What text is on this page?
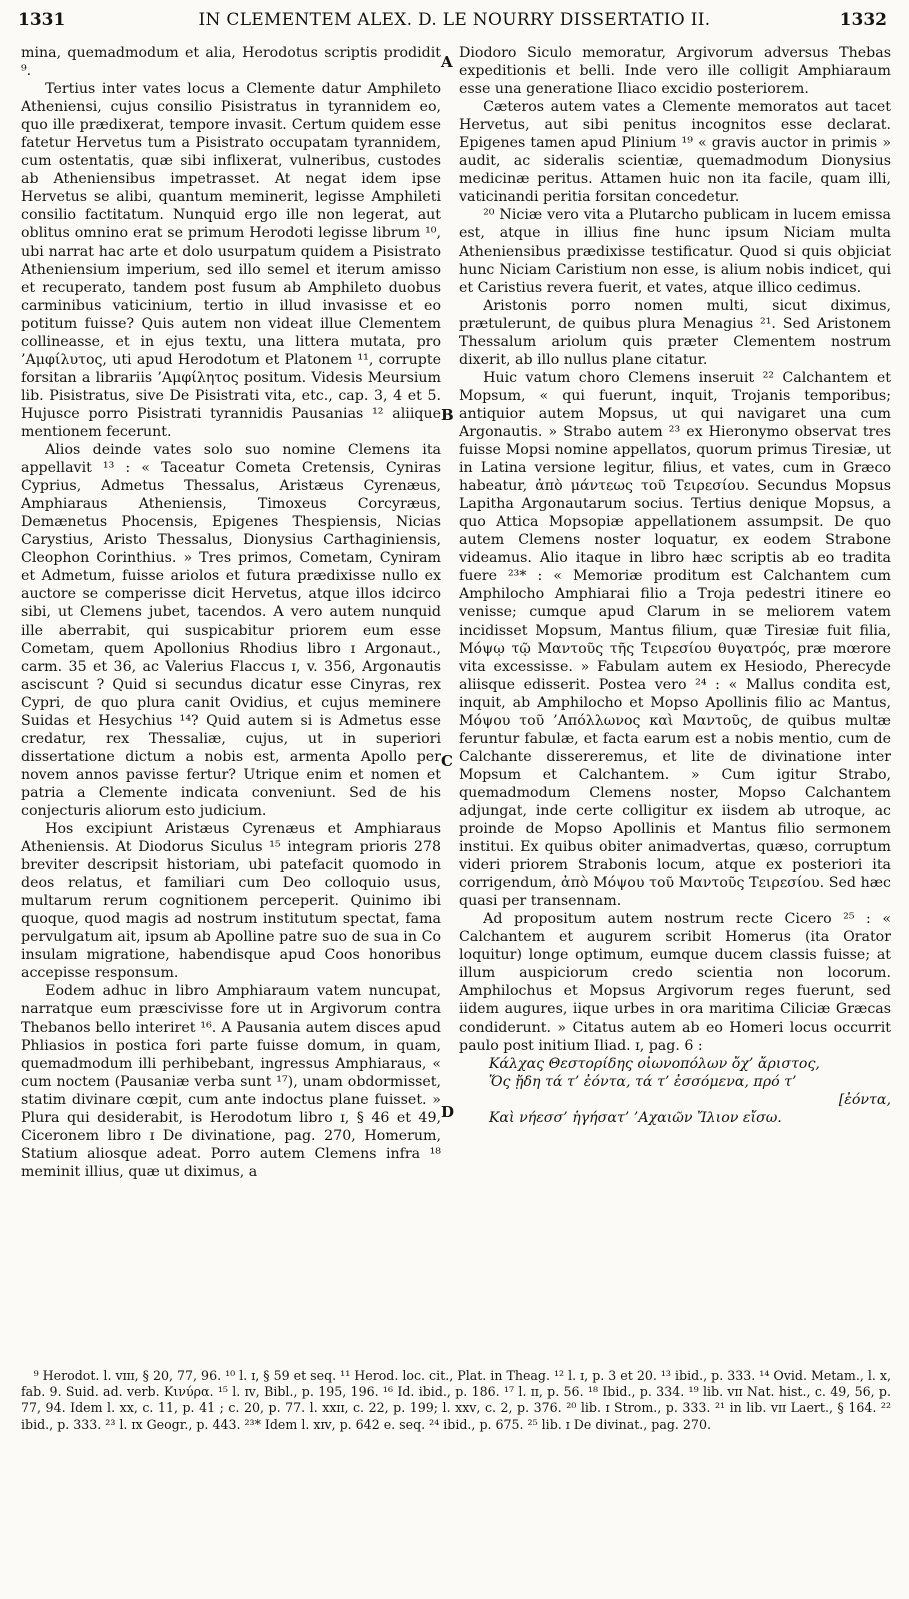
1331	IN CLEMENTEM ALEX. D. LE NOURRY DISSERTATIO II.	1332

mina, quemadmodum et alia, Herodotus scriptis prodidit ⁹.

Tertius inter vates locus a Clemente datur Amphileto Atheniensi, cujus consilio Pisistratus in tyrannidem eo, quo ille prædixerat, tempore invasit. Certum quidem esse fatetur Hervetus tum a Pisistrato occupatam tyrannidem, cum ostentatis, quæ sibi inflixerat, vulneribus, custodes ab Atheniensibus impetrasset. At negat idem ipse Hervetus se alibi, quantum meminerit, legisse Amphileti consilio factitatum. Nunquid ergo ille non legerat, aut oblitus omnino erat se primum Herodoti legisse librum ¹⁰, ubi narrat hac arte et dolo usurpatum quidem a Pisistrato Atheniensium imperium, sed illo semel et iterum amisso et recuperato, tandem post fusum ab Amphileto duobus carminibus vaticinium, tertio in illud invasisse et eo potitum fuisse? Quis autem non videat illue Clementem collineasse, et in ejus textu, una littera mutata, pro ’Αμφίλυτος, uti apud Herodotum et Platonem ¹¹, corrupte forsitan a librariis ’Αμφίλητος positum. Videsis Meursium lib. Pisistratus, sive De Pisistrati vita, etc., cap. 3, 4 et 5. Hujusce porro Pisistrati tyrannidis Pausanias ¹² aliique mentionem fecerunt.

Alios deinde vates solo suo nomine Clemens ita appellavit ¹³ : « Taceatur Cometa Cretensis, Cyniras Cyprius, Admetus Thessalus, Aristæus Cyrenæus, Amphiaraus Atheniensis, Timoxeus Corcyræus, Demænetus Phocensis, Epigenes Thespiensis, Nicias Carystius, Aristo Thessalus, Dionysius Carthaginiensis, Cleophon Corinthius. » Tres primos, Cometam, Cyniram et Admetum, fuisse ariolos et futura prædixisse nullo ex auctore se comperisse dicit Hervetus, atque illos idcirco sibi, ut Clemens jubet, tacendos. A vero autem nunquid ille aberrabit, qui suspicabitur priorem eum esse Cometam, quem Apollonius Rhodius libro ɪ Argonaut., carm. 35 et 36, ac Valerius Flaccus ɪ, v. 356, Argonautis asciscunt ? Quid si secundus dicatur esse Cinyras, rex Cypri, de quo plura canit Ovidius, et cujus meminere Suidas et Hesychius ¹⁴? Quid autem si is Admetus esse credatur, rex Thessaliæ, cujus, ut in superiori dissertatione dictum a nobis est, armenta Apollo per novem annos pavisse fertur? Utrique enim et nomen et patria a Clemente indicata conveniunt. Sed de his conjecturis aliorum esto judicium.

Hos excipiunt Aristæus Cyrenæus et Amphiaraus Atheniensis. At Diodorus Siculus ¹⁵ integram prioris 278 breviter descripsit historiam, ubi patefacit quomodo in deos relatus, et familiari cum Deo colloquio usus, multarum rerum cognitionem perceperit. Quinimo ibi quoque, quod magis ad nostrum institutum spectat, fama pervulgatum ait, ipsum ab Apolline patre suo de sua in Co insulam migratione, habendisque apud Coos honoribus accepisse responsum.

Eodem adhuc in libro Amphiaraum vatem nuncupat, narratque eum præscivisse fore ut in Argivorum contra Thebanos bello interiret ¹⁶. A Pausania autem disces apud Phliasios in postica fori parte fuisse domum, in quam, quemadmodum illi perhibebant, ingressus Amphiaraus, « cum noctem (Pausaniæ verba sunt ¹⁷), unam obdormisset, statim divinare cœpit, cum ante indoctus plane fuisset. » Plura qui desiderabit, is Herodotum libro ɪ, § 46 et 49, Ciceronem libro ɪ De divinatione, pag. 270, Homerum, Statium aliosque adeat. Porro autem Clemens infra ¹⁸ meminit illius, quæ ut diximus, a

A
B
C
D

Diodoro Siculo memoratur, Argivorum adversus Thebas expeditionis et belli. Inde vero ille colligit Amphiaraum esse una generatione Iliaco excidio posteriorem.

Cæteros autem vates a Clemente memoratos aut tacet Hervetus, aut sibi penitus incognitos esse declarat. Epigenes tamen apud Plinium ¹⁹ « gravis auctor in primis » audit, ac sideralis scientiæ, quemadmodum Dionysius medicinæ peritus. Attamen huic non ita facile, quam illi, vaticinandi peritia forsitan concedetur.

²⁰ Niciæ vero vita a Plutarcho publicam in lucem emissa est, atque in illius fine hunc ipsum Niciam multa Atheniensibus prædixisse testificatur. Quod si quis objiciat hunc Niciam Caristium non esse, is alium nobis indicet, qui et Caristius revera fuerit, et vates, atque illico cedimus.

Aristonis porro nomen multi, sicut diximus, prætulerunt, de quibus plura Menagius ²¹. Sed Aristonem Thessalum ariolum quis præter Clementem nostrum dixerit, ab illo nullus plane citatur.

Huic vatum choro Clemens inseruit ²² Calchantem et Mopsum, « qui fuerunt, inquit, Trojanis temporibus; antiquior autem Mopsus, ut qui navigaret una cum Argonautis. » Strabo autem ²³ ex Hieronymo observat tres fuisse Mopsi nomine appellatos, quorum primus Tiresiæ, ut in Latina versione legitur, filius, et vates, cum in Græco habeatur, ἀπὸ μάντεως τοῦ Τειρεσίου. Secundus Mopsus Lapitha Argonautarum socius. Tertius denique Mopsus, a quo Attica Mopsopiæ appellationem assumpsit. De quo autem Clemens noster loquatur, ex eodem Strabone videamus. Alio itaque in libro hæc scriptis ab eo tradita fuere ²³* : « Memoriæ proditum est Calchantem cum Amphilocho Amphiarai filio a Troja pedestri itinere eo venisse; cumque apud Clarum in se meliorem vatem incidisset Mopsum, Mantus filium, quæ Tiresiæ fuit filia, Μόψῳ τῷ Μαντοῦς τῆς Τειρεσίου θυγατρός, præ mœrore vita excessisse. » Fabulam autem ex Hesiodo, Pherecyde aliisque edisserit. Postea vero ²⁴ : « Mallus condita est, inquit, ab Amphilocho et Mopso Apollinis filio ac Mantus, Μόψου τοῦ ’Απόλλωνος καὶ Μαντοῦς, de quibus multæ feruntur fabulæ, et facta earum est a nobis mentio, cum de Calchante dissereremus, et lite de divinatione inter Mopsum et Calchantem. » Cum igitur Strabo, quemadmodum Clemens noster, Mopso Calchantem adjungat, inde certe colligitur ex iisdem ab utroque, ac proinde de Mopso Apollinis et Mantus filio sermonem institui. Ex quibus obiter animadvertas, quæso, corruptum videri priorem Strabonis locum, atque ex posteriori ita corrigendum, ἀπὸ Μόψου τοῦ Μαντοῦς Τειρεσίου. Sed hæc quasi per transennam.

Ad propositum autem nostrum recte Cicero ²⁵ : « Calchantem et augurem scribit Homerus (ita Orator loquitur) longe optimum, eumque ducem classis fuisse; at illum auspiciorum credo scientia non locorum. Amphilochus et Mopsus Argivorum reges fuerunt, sed iidem augures, iique urbes in ora maritima Ciliciæ Græcas condiderunt. » Citatus autem ab eo Homeri locus occurrit paulo post initium Iliad. ɪ, pag. 6 :

Κάλχας Θεστορίδης οἰωνοπόλων ὄχ’ ἄριστος,

Ὅς ᾔδη τά τ’ ἐόντα, τά τ’ ἐσσόμενα, πρό τ’

[ἐόντα,

Καὶ νήεσσ’ ἡγήσατ’ ’Αχαιῶν Ἴλιον εἴσω.

⁹ Herodot. l. ᴠɪɪɪ, § 20, 77, 96. ¹⁰ l. ɪ, § 59 et seq. ¹¹ Herod. loc. cit., Plat. in Theag. ¹² l. ɪ, p. 3 et 20. ¹³ ibid., p. 333. ¹⁴ Ovid. Metam., l. x, fab. 9. Suid. ad. verb. Κινύρα. ¹⁵ l. ɪᴠ, Bibl., p. 195, 196. ¹⁶ Id. ibid., p. 186. ¹⁷ l. ɪɪ, p. 56. ¹⁸ Ibid., p. 334. ¹⁹ lib. ᴠɪɪ Nat. hist., c. 49, 56, p. 77, 94. Idem l. xx, c. 11, p. 41 ; c. 20, p. 77. l. xxɪɪ, c. 22, p. 199; l. xxᴠ, c. 2, p. 376. ²⁰ lib. ɪ Strom., p. 333. ²¹ in lib. ᴠɪɪ Laert., § 164. ²² ibid., p. 333. ²³ l. ɪx Geogr., p. 443. ²³* Idem l. xɪᴠ, p. 642 e. seq. ²⁴ ibid., p. 675. ²⁵ lib. ɪ De divinat., pag. 270.
